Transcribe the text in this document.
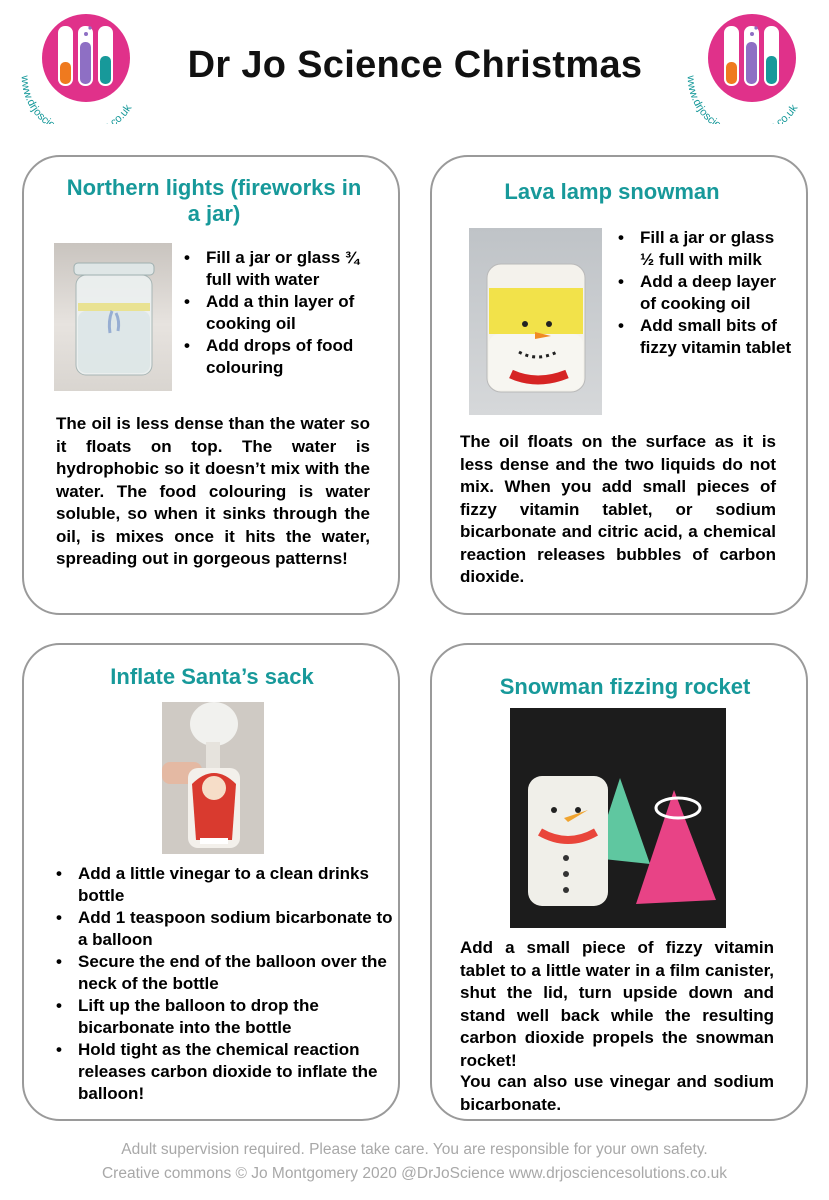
www.drjosci co.uk
Dr Jo Science Christmas	www.drjosci co.uk
Northern lights (fireworks in a jar)
• Fill a jar or glass ¾ full with water
• Add a thin layer of cooking oil
• Add drops of food colouring

The oil is less dense than the water so it floats on top. The water is hydrophobic so it doesn’t mix with the water. The food colouring is water soluble, so when it sinks through the oil, is mixes once it hits the water, spreading out in gorgeous patterns!

Lava lamp snowman
• Fill a jar or glass ½ full with milk
• Add a deep layer of cooking oil
• Add small bits of fizzy vitamin tablet

The oil floats on the surface as it is less dense and the two liquids do not mix. When you add small pieces of fizzy vitamin tablet, or sodium bicarbonate and citric acid, a chemical reaction releases bubbles of carbon dioxide.

Inflate Santa’s sack
• Add a little vinegar to a clean drinks bottle
• Add 1 teaspoon sodium bicarbonate to a balloon
• Secure the end of the balloon over the neck of the bottle
• Lift up the balloon to drop the bicarbonate into the bottle
• Hold tight as the chemical reaction releases carbon dioxide to inflate the balloon!
Snowman fizzing rocket

Add a small piece of fizzy vitamin tablet to a little water in a film canister, shut the lid, turn upside down and stand well back while the resulting carbon dioxide propels the snowman rocket!

You can also use vinegar and sodium bicarbonate.

Adult supervision required. Please take care. You are responsible for your own safety.
Creative commons © Jo Montgomery 2020 @DrJoScience www.drjosciencesolutions.co.uk
